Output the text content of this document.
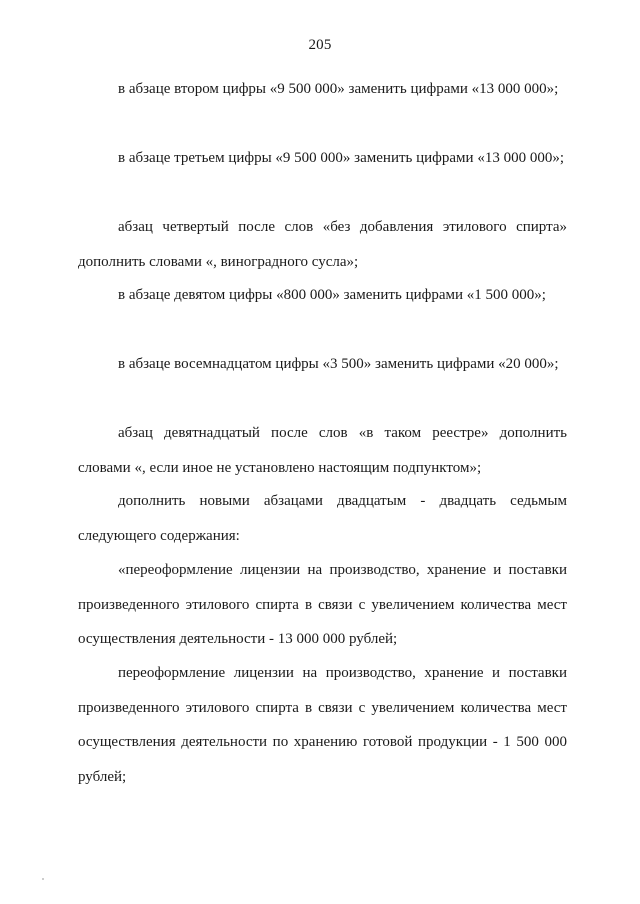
205

в абзаце втором цифры «9 500 000» заменить цифрами «13 000 000»;

в абзаце третьем цифры «9 500 000» заменить цифрами «13 000 000»;

абзац четвертый после слов «без добавления этилового спирта» дополнить словами «, виноградного сусла»;

в абзаце девятом цифры «800 000» заменить цифрами «1 500 000»;

в абзаце восемнадцатом цифры «3 500» заменить цифрами «20 000»;

абзац девятнадцатый после слов «в таком реестре» дополнить словами «, если иное не установлено настоящим подпунктом»;

дополнить новыми абзацами двадцатым - двадцать седьмым следующего содержания:

«переоформление лицензии на производство, хранение и поставки произведенного этилового спирта в связи с увеличением количества мест осуществления деятельности - 13 000 000 рублей;

переоформление лицензии на производство, хранение и поставки произведенного этилового спирта в связи с увеличением количества мест осуществления деятельности по хранению готовой продукции - 1 500 000 рублей;
